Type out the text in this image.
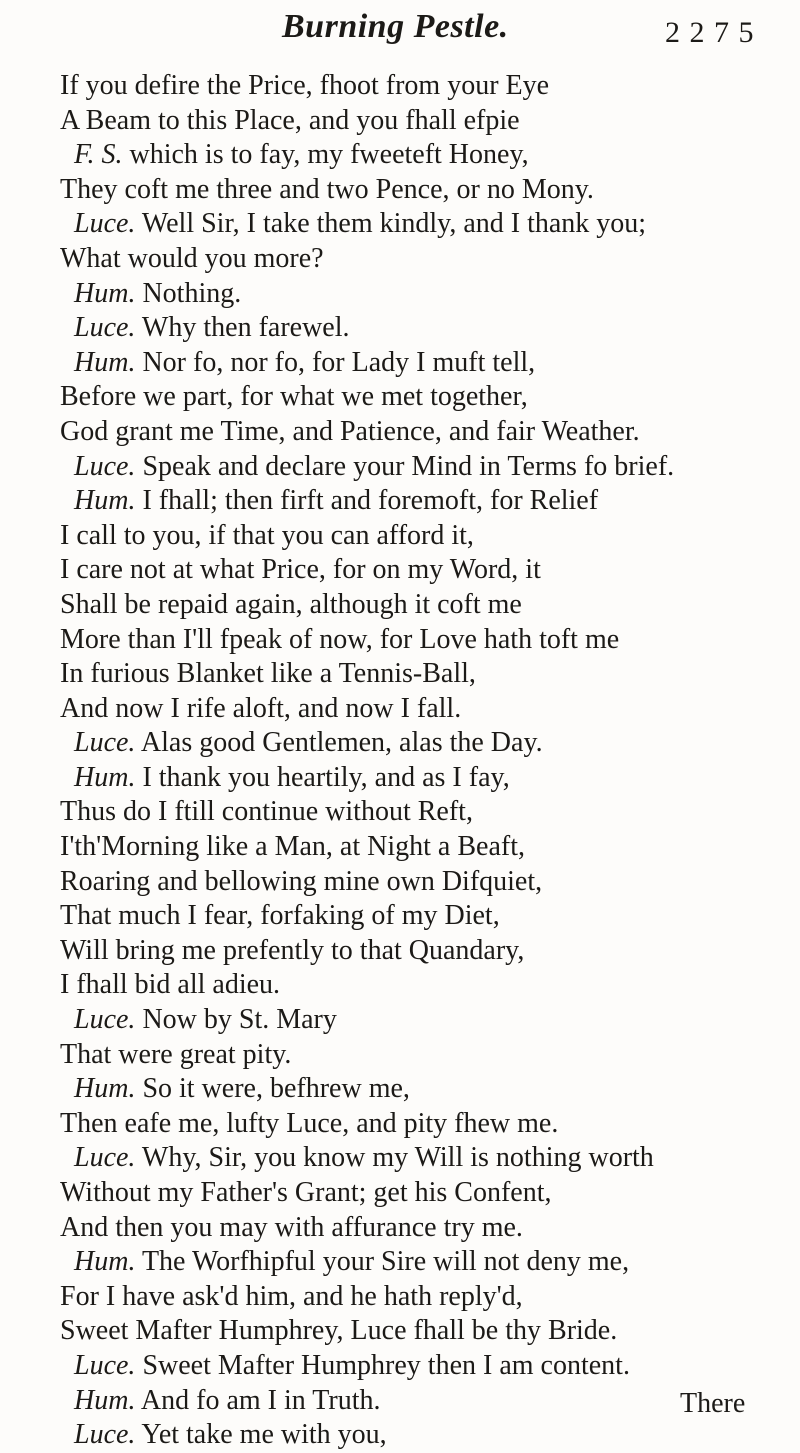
Burning Pestle.	2 2 7 5
If you defire the Price, fhoot from your Eye
A Beam to this Place, and you fhall efpie
F. S. which is to fay, my fweeteft Honey,
They coft me three and two Pence, or no Mony.
Luce. Well Sir, I take them kindly, and I thank you;
What would you more?
Hum. Nothing.
Luce. Why then farewel.
Hum. Nor fo, nor fo, for Lady I muft tell,
Before we part, for what we met together,
God grant me Time, and Patience, and fair Weather.
Luce. Speak and declare your Mind in Terms fo brief.
Hum. I fhall; then firft and foremoft, for Relief
I call to you, if that you can afford it,
I care not at what Price, for on my Word, it
Shall be repaid again, although it coft me
More than I'll fpeak of now, for Love hath toft me
In furious Blanket like a Tennis-Ball,
And now I rife aloft, and now I fall.
Luce. Alas good Gentlemen, alas the Day.
Hum. I thank you heartily, and as I fay,
Thus do I ftill continue without Reft,
I'th'Morning like a Man, at Night a Beaft,
Roaring and bellowing mine own Difquiet,
That much I fear, forfaking of my Diet,
Will bring me prefently to that Quandary,
I fhall bid all adieu.
Luce. Now by St. Mary
That were great pity.
Hum. So it were, befhrew me,
Then eafe me, lufty Luce, and pity fhew me.
Luce. Why, Sir, you know my Will is nothing worth
Without my Father's Grant; get his Confent,
And then you may with affurance try me.
Hum. The Worfhipful your Sire will not deny me,
For I have ask'd him, and he hath reply'd,
Sweet Mafter Humphrey, Luce fhall be thy Bride.
Luce. Sweet Mafter Humphrey then I am content.
Hum. And fo am I in Truth.
Luce. Yet take me with you,
There
